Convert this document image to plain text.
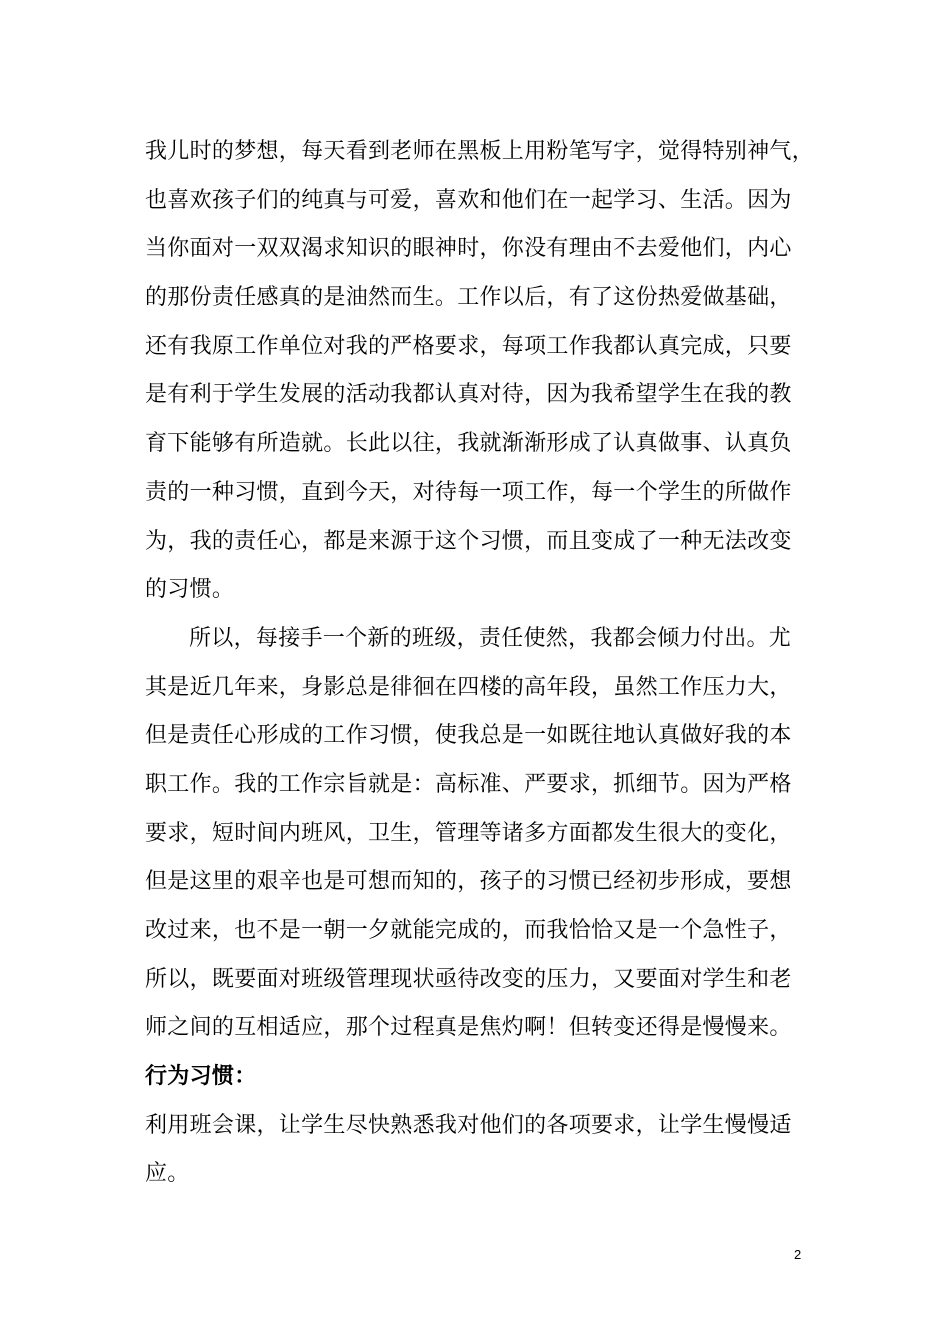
我儿时的梦想，每天看到老师在黑板上用粉笔写字，觉得特别神气，
也喜欢孩子们的纯真与可爱，喜欢和他们在一起学习、生活。因为
当你面对一双双渴求知识的眼神时，你没有理由不去爱他们，内心
的那份责任感真的是油然而生。工作以后，有了这份热爱做基础，
还有我原工作单位对我的严格要求，每项工作我都认真完成，只要
是有利于学生发展的活动我都认真对待，因为我希望学生在我的教
育下能够有所造就。长此以往，我就渐渐形成了认真做事、认真负
责的一种习惯，直到今天，对待每一项工作，每一个学生的所做作
为，我的责任心，都是来源于这个习惯，而且变成了一种无法改变
的习惯。
所以，每接手一个新的班级，责任使然，我都会倾力付出。尤
其是近几年来，身影总是徘徊在四楼的高年段，虽然工作压力大，
但是责任心形成的工作习惯，使我总是一如既往地认真做好我的本
职工作。我的工作宗旨就是：高标准、严要求，抓细节。因为严格
要求，短时间内班风，卫生，管理等诸多方面都发生很大的变化，
但是这里的艰辛也是可想而知的，孩子的习惯已经初步形成，要想
改过来，也不是一朝一夕就能完成的，而我恰恰又是一个急性子，
所以，既要面对班级管理现状亟待改变的压力，又要面对学生和老
师之间的互相适应，那个过程真是焦灼啊！但转变还得是慢慢来。
行为习惯：
利用班会课，让学生尽快熟悉我对他们的各项要求，让学生慢慢适
应。
2
